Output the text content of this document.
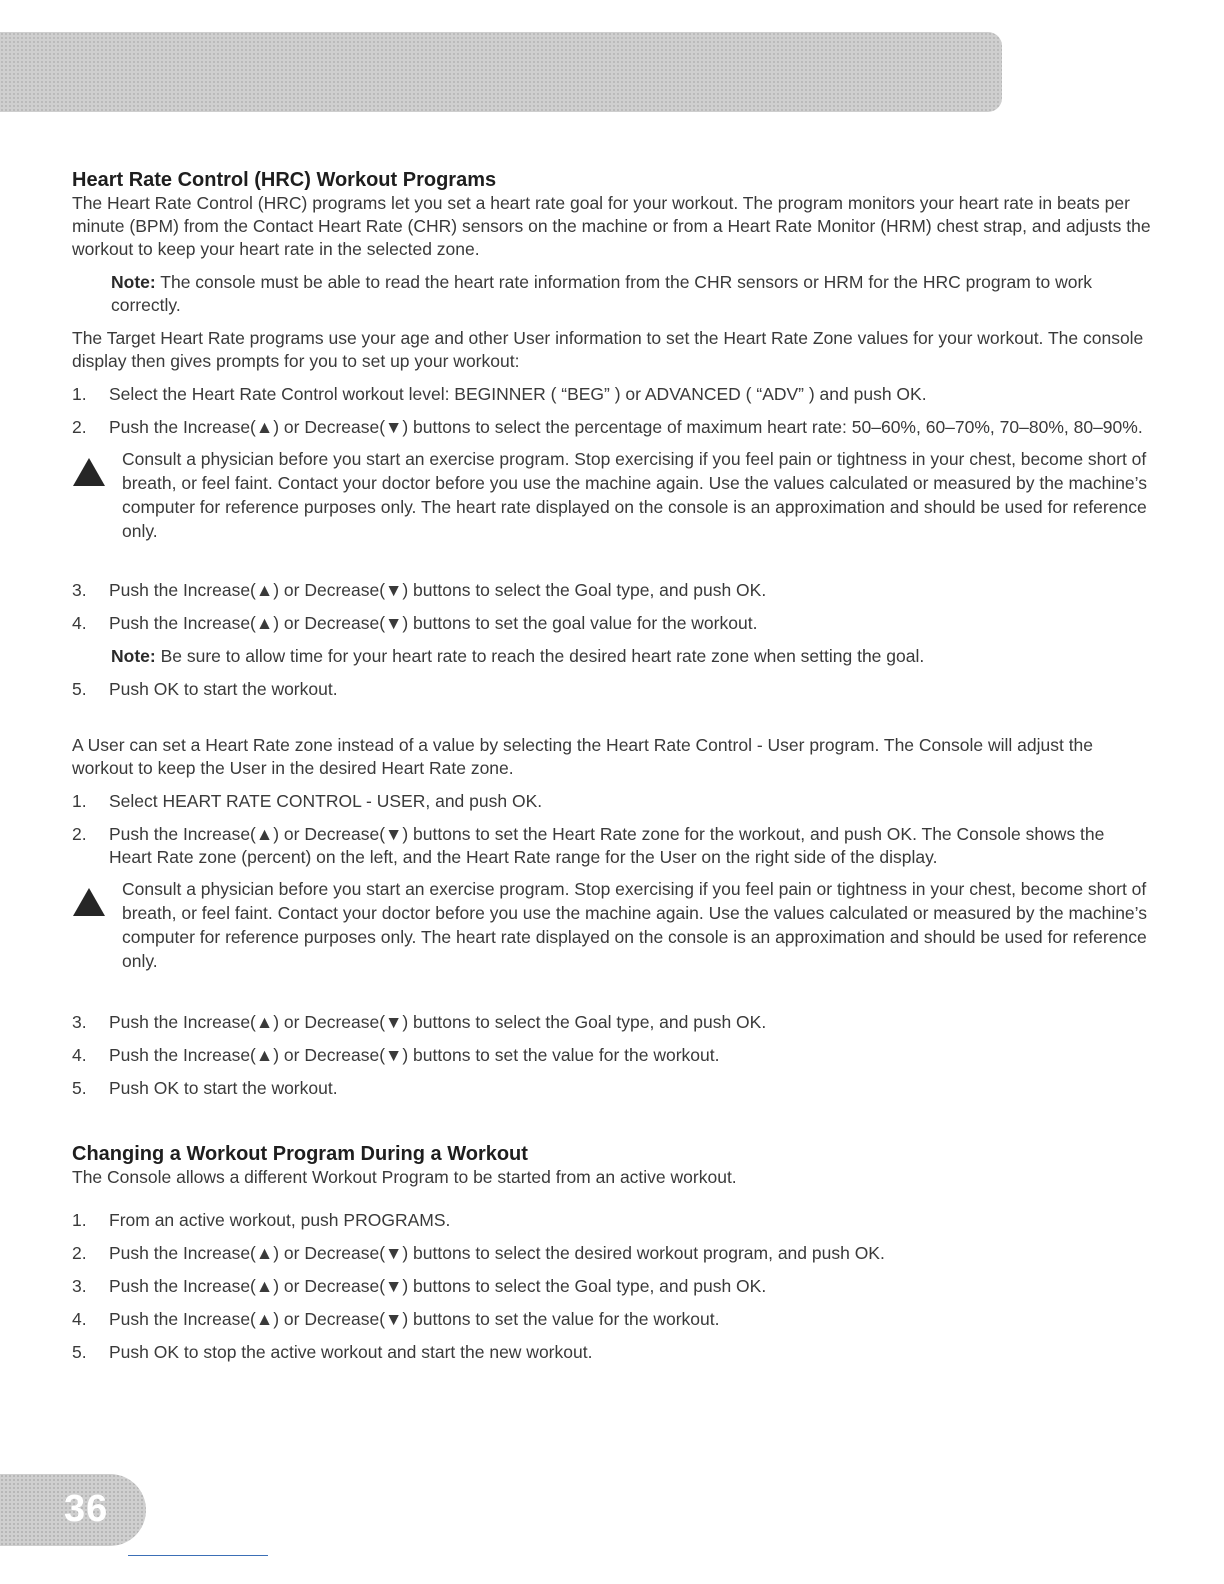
Heart Rate Control (HRC) Workout Programs

The Heart Rate Control (HRC) programs let you set a heart rate goal for your workout. The program monitors your heart rate in beats per minute (BPM) from the Contact Heart Rate (CHR) sensors on the machine or from a Heart Rate Monitor (HRM) chest strap, and adjusts the workout to keep your heart rate in the selected zone.

Note: The console must be able to read the heart rate information from the CHR sensors or HRM for the HRC program to work correctly.

The Target Heart Rate programs use your age and other User information to set the Heart Rate Zone values for your workout. The console display then gives prompts for you to set up your workout:

1. Select the Heart Rate Control workout level: BEGINNER ( “BEG” ) or ADVANCED ( “ADV” ) and push OK.
2. Push the Increase(▲) or Decrease(▼) buttons to select the percentage of maximum heart rate: 50–60%, 60–70%, 70–80%, 80–90%.
Consult a physician before you start an exercise program. Stop exercising if you feel pain or tightness in your chest, become short of breath, or feel faint. Contact your doctor before you use the machine again. Use the values calculated or measured by the machine’s computer for reference purposes only. The heart rate displayed on the console is an approximation and should be used for reference only.
3. Push the Increase(▲) or Decrease(▼) buttons to select the Goal type, and push OK.
4. Push the Increase(▲) or Decrease(▼) buttons to set the goal value for the workout.

Note: Be sure to allow time for your heart rate to reach the desired heart rate zone when setting the goal.

5. Push OK to start the workout.

A User can set a Heart Rate zone instead of a value by selecting the Heart Rate Control - User program. The Console will adjust the workout to keep the User in the desired Heart Rate zone.

1. Select HEART RATE CONTROL - USER, and push OK.
2. Push the Increase(▲) or Decrease(▼) buttons to set the Heart Rate zone for the workout, and push OK. The Console shows the Heart Rate zone (percent) on the left, and the Heart Rate range for the User on the right side of the display.
Consult a physician before you start an exercise program. Stop exercising if you feel pain or tightness in your chest, become short of breath, or feel faint. Contact your doctor before you use the machine again. Use the values calculated or measured by the machine’s computer for reference purposes only. The heart rate displayed on the console is an approximation and should be used for reference only.
3. Push the Increase(▲) or Decrease(▼) buttons to select the Goal type, and push OK.
4. Push the Increase(▲) or Decrease(▼) buttons to set the value for the workout.
5. Push OK to start the workout.
Changing a Workout Program During a Workout

The Console allows a different Workout Program to be started from an active workout.

1. From an active workout, push PROGRAMS.
2. Push the Increase(▲) or Decrease(▼) buttons to select the desired workout program, and push OK.
3. Push the Increase(▲) or Decrease(▼) buttons to select the Goal type, and push OK.
4. Push the Increase(▲) or Decrease(▼) buttons to set the value for the workout.
5. Push OK to stop the active workout and start the new workout.
36
